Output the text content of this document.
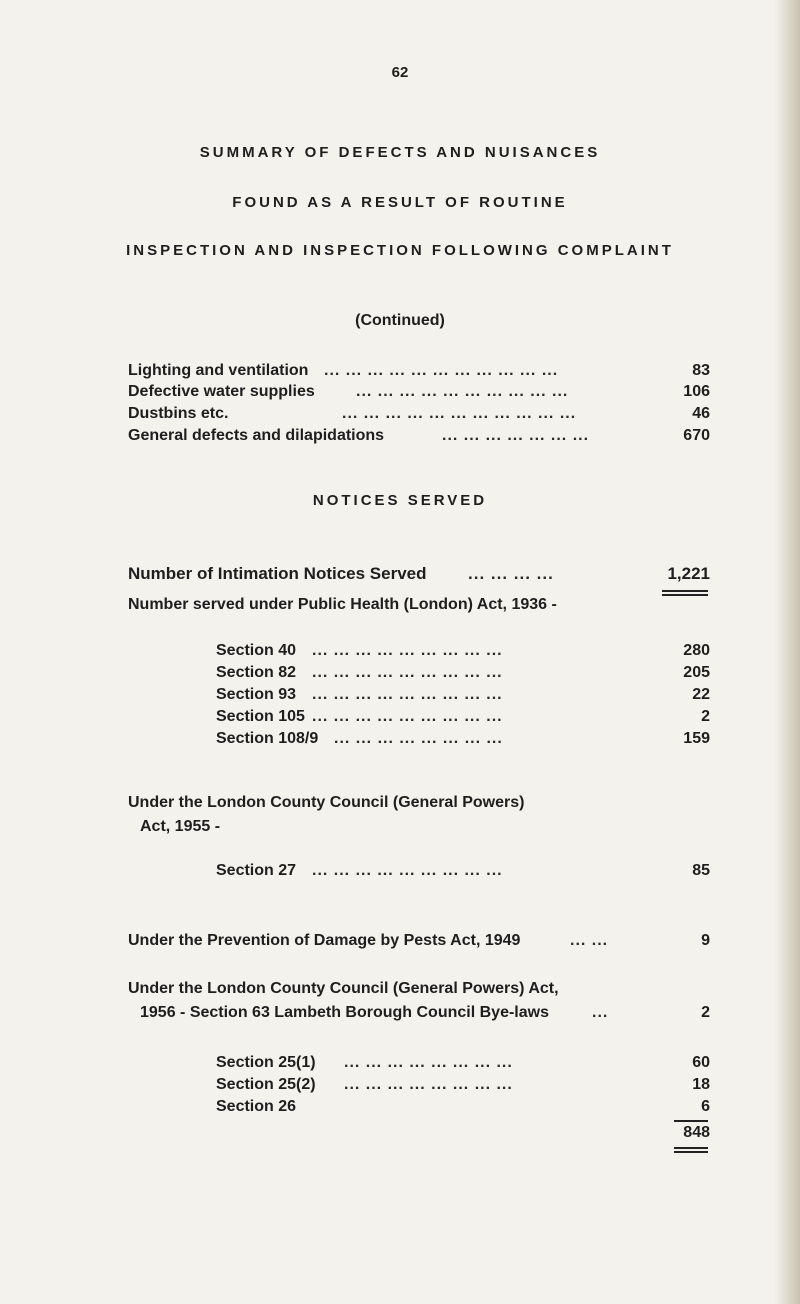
62
SUMMARY OF DEFECTS AND NUISANCES
FOUND AS A RESULT OF ROUTINE
INSPECTION AND INSPECTION FOLLOWING COMPLAINT
(Continued)
Lighting and ventilation ... ... ... ... ... ... ... ... ... ... ...	83
Defective water supplies	... ... ... ... ... ... ... ... ... ...	106
Dustbins etc.	... ... ... ... ... ... ... ... ... ... ...	46
General defects and dilapidations	... ... ... ... ... ... ...	670
NOTICES SERVED
Number of Intimation Notices Served ... ... ... ...	1,221
Number served under Public Health (London) Act, 1936 -
Section 40 ... ... ... ... ... ... ... ... ...	280
Section 82 ... ... ... ... ... ... ... ... ...	205
Section 93 ... ... ... ... ... ... ... ... ...	22
Section 105 ... ... ... ... ... ... ... ... ...	2
Section 108/9 ... ... ... ... ... ... ... ...	159
Under the London County Council (General Powers)
Act, 1955 -
Section 27 ... ... ... ... ... ... ... ... ...	85
Under the Prevention of Damage by Pests Act, 1949	... ...	9
Under the London County Council (General Powers) Act,
1956 - Section 63 Lambeth Borough Council Bye-laws	...	2
Section 25(1) ... ... ... ... ... ... ... ...	60
Section 25(2) ... ... ... ... ... ... ... ...	18
Section 26	6
848
